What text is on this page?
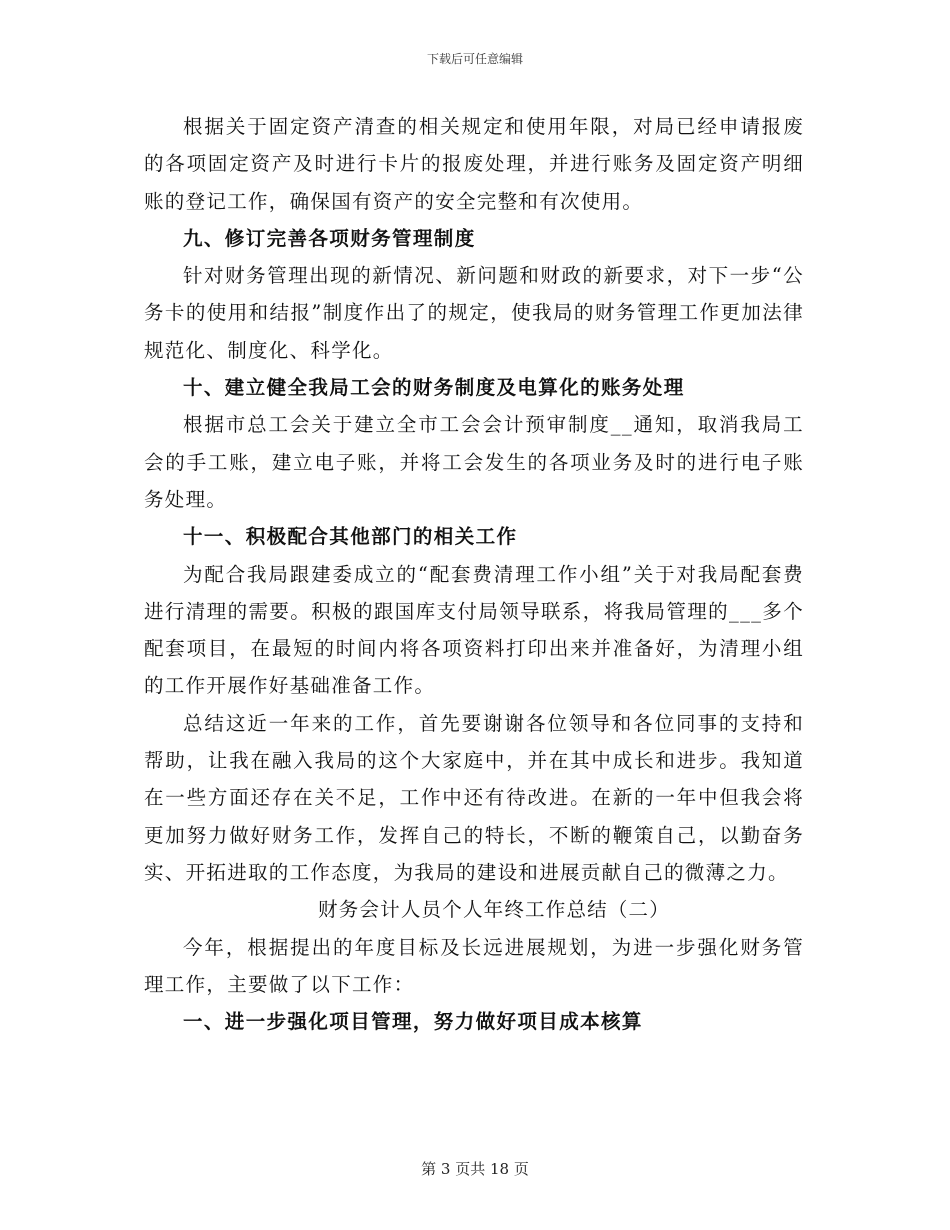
下载后可任意编辑

根据关于固定资产清查的相关规定和使用年限，对局已经申请报废的各项固定资产及时进行卡片的报废处理，并进行账务及固定资产明细账的登记工作，确保国有资产的安全完整和有次使用。

九、修订完善各项财务管理制度

针对财务管理出现的新情况、新问题和财政的新要求，对下一步“公务卡的使用和结报”制度作出了的规定，使我局的财务管理工作更加法律规范化、制度化、科学化。

十、建立健全我局工会的财务制度及电算化的账务处理

根据市总工会关于建立全市工会会计预审制度__通知，取消我局工会的手工账，建立电子账，并将工会发生的各项业务及时的进行电子账务处理。

十一、积极配合其他部门的相关工作

为配合我局跟建委成立的“配套费清理工作小组”关于对我局配套费进行清理的需要。积极的跟国库支付局领导联系，将我局管理的___多个配套项目，在最短的时间内将各项资料打印出来并准备好，为清理小组的工作开展作好基础准备工作。

总结这近一年来的工作，首先要谢谢各位领导和各位同事的支持和帮助，让我在融入我局的这个大家庭中，并在其中成长和进步。我知道在一些方面还存在关不足，工作中还有待改进。在新的一年中但我会将更加努力做好财务工作，发挥自己的特长，不断的鞭策自己，以勤奋务实、开拓进取的工作态度，为我局的建设和进展贡献自己的微薄之力。

财务会计人员个人年终工作总结（二）

今年，根据提出的年度目标及长远进展规划，为进一步强化财务管理工作，主要做了以下工作：

一、进一步强化项目管理，努力做好项目成本核算

第 3 页共 18 页
